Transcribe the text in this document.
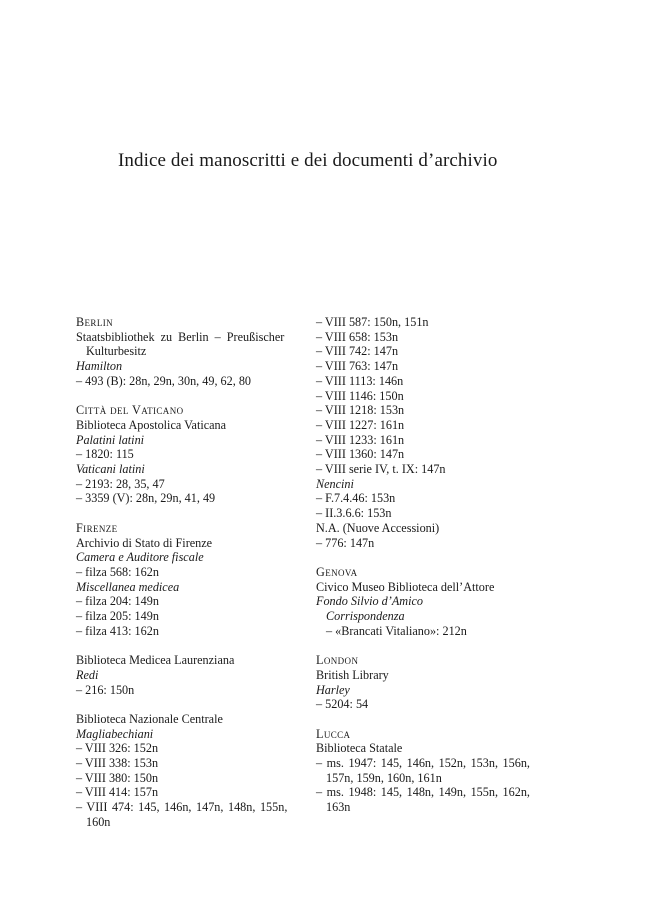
Indice dei manoscritti e dei documenti d’archivio
Berlin
Staatsbibliothek zu Berlin – Preußischer
Kulturbesitz
Hamilton
– 493 (B): 28n, 29n, 30n, 49, 62, 80
Città del Vaticano
Biblioteca Apostolica Vaticana
Palatini latini
– 1820: 115
Vaticani latini
– 2193: 28, 35, 47
– 3359 (V): 28n, 29n, 41, 49
Firenze
Archivio di Stato di Firenze
Camera e Auditore fiscale
– filza 568: 162n
Miscellanea medicea
– filza 204: 149n
– filza 205: 149n
– filza 413: 162n
Biblioteca Medicea Laurenziana
Redi
– 216: 150n
Biblioteca Nazionale Centrale
Magliabechiani
– VIII 326: 152n
– VIII 338: 153n
– VIII 380: 150n
– VIII 414: 157n
– VIII 474: 145, 146n, 147n, 148n, 155n,
160n
– VIII 587: 150n, 151n
– VIII 658: 153n
– VIII 742: 147n
– VIII 763: 147n
– VIII 1113: 146n
– VIII 1146: 150n
– VIII 1218: 153n
– VIII 1227: 161n
– VIII 1233: 161n
– VIII 1360: 147n
– VIII serie IV, t. IX: 147n
Nencini
– F.7.4.46: 153n
– II.3.6.6: 153n
N.A. (Nuove Accessioni)
– 776: 147n
Genova
Civico Museo Biblioteca dell’Attore
Fondo Silvio d’Amico
Corrispondenza
– «Brancati Vitaliano»: 212n
London
British Library
Harley
– 5204: 54
Lucca
Biblioteca Statale
– ms. 1947: 145, 146n, 152n, 153n, 156n,
157n, 159n, 160n, 161n
– ms. 1948: 145, 148n, 149n, 155n, 162n,
163n
